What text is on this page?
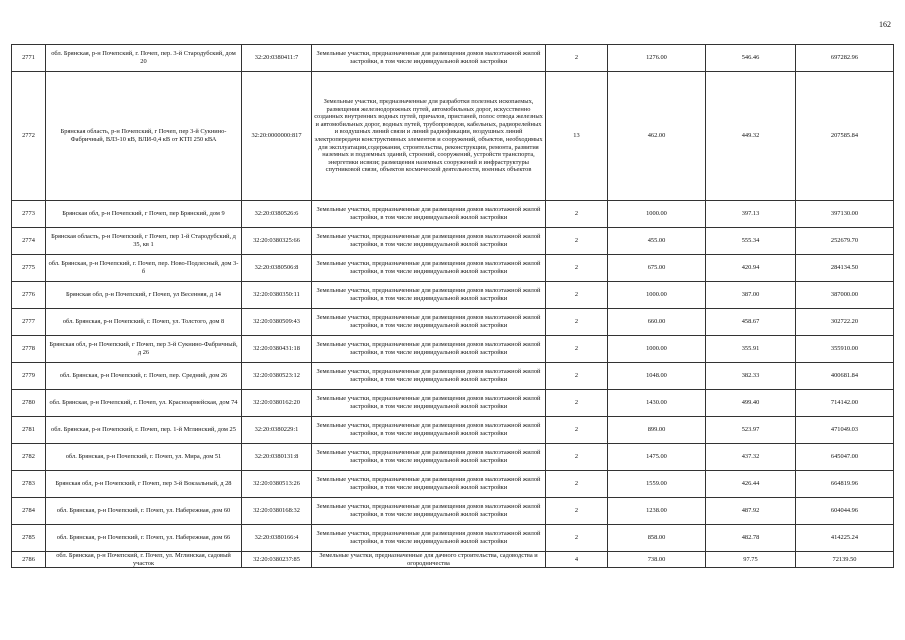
162
2771	обл. Брянская, р-н Почепский, г. Почеп, пер. 3-й Стародубский, дом 20	32:20:0380411:7	Земельные участки, предназначенные для размещения домов малоэтажной жилой застройки, в том числе индивидуальной жилой застройки	2	1276.00	546.46	697282.96
2772	Брянская область, р-н Почепский, г Почеп, пер 3-й Сукнино-Фабричный, ВЛ3-10 кВ, ВЛИ-0,4 кВ от КТП 250 кВА	32:20:0000000:817	Земельные участки, предназначенные для разработки полезных ископаемых, размещения железнодорожных путей, автомобильных дорог, искусственно созданных внутренних водных путей, причалов, пристаней, полос отвода железных и автомобильных дорог, водных путей, трубопроводов, кабельных, радиорелейных и воздушных линий связи и линий радиофикации, воздушных линий электропередачи конструктивных элементов и сооружений, объектов, необходимых для эксплуатации,содержания, строительства, реконструкции, ремонта, развития наземных и подземных зданий, строений, сооружений, устройств транспорта, энергетики исвязи; размещения наземных сооружений и инфраструктуры спутниковой связи, объектов космической деятельности, военных объектов	13	462.00	449.32	207585.84
2773	Брянская обл, р-н Почепский, г Почеп, пер Брянский, дом 9	32:20:0380526:6	Земельные участки, предназначенные для размещения домов малоэтажной жилой застройки, в том числе индивидуальной жилой застройки	2	1000.00	397.13	397130.00
2774	Брянская область, р-н Почепский, г Почеп, пер 1-й Стародубский, д 35, кв 1	32:20:0380325:66	Земельные участки, предназначенные для размещения домов малоэтажной жилой застройки, в том числе индивидуальной жилой застройки	2	455.00	555.34	252679.70
2775	обл. Брянская, р-н Почепский, г. Почеп, пер. Ново-Подлесный, дом 3-б	32:20:0380506:8	Земельные участки, предназначенные для размещения домов малоэтажной жилой застройки, в том числе индивидуальной жилой застройки	2	675.00	420.94	284134.50
2776	Брянская обл, р-н Почепский, г Почеп, ул Весенняя, д 14	32:20:0380350:11	Земельные участки, предназначенные для размещения домов малоэтажной жилой застройки, в том числе индивидуальной жилой застройки	2	1000.00	387.00	387000.00
2777	обл. Брянская, р-н Почепский, г. Почеп, ул. Толстого, дом 8	32:20:0380509:43	Земельные участки, предназначенные для размещения домов малоэтажной жилой застройки, в том числе индивидуальной жилой застройки	2	660.00	458.67	302722.20
2778	Брянская обл, р-н Почепский, г Почеп, пер 3-й Сукнино-Фабричный, д 26	32:20:0380431:18	Земельные участки, предназначенные для размещения домов малоэтажной жилой застройки, в том числе индивидуальной жилой застройки	2	1000.00	355.91	355910.00
2779	обл. Брянская, р-н Почепский, г. Почеп, пер. Средний, дом 26	32:20:0380523:12	Земельные участки, предназначенные для размещения домов малоэтажной жилой застройки, в том числе индивидуальной жилой застройки	2	1048.00	382.33	400681.84
2780	обл. Брянская, р-н Почепский, г. Почеп, ул. Красноармейская, дом 74	32:20:0380162:20	Земельные участки, предназначенные для размещения домов малоэтажной жилой застройки, в том числе индивидуальной жилой застройки	2	1430.00	499.40	714142.00
2781	обл. Брянская, р-н Почепский, г. Почеп, пер. 1-й Мглинский, дом 25	32:20:0380229:1	Земельные участки, предназначенные для размещения домов малоэтажной жилой застройки, в том числе индивидуальной жилой застройки	2	899.00	523.97	471049.03
2782	обл. Брянская, р-н Почепский, г. Почеп, ул. Мира, дом 51	32:20:0380131:8	Земельные участки, предназначенные для размещения домов малоэтажной жилой застройки, в том числе индивидуальной жилой застройки	2	1475.00	437.32	645047.00
2783	Брянская обл, р-н Почепский, г Почеп, пер 3-й Вокзальный, д 28	32:20:0380513:26	Земельные участки, предназначенные для размещения домов малоэтажной жилой застройки, в том числе индивидуальной жилой застройки	2	1559.00	426.44	664819.96
2784	обл. Брянская, р-н Почепский, г. Почеп, ул. Набережная, дом 60	32:20:0380168:32	Земельные участки, предназначенные для размещения домов малоэтажной жилой застройки, в том числе индивидуальной жилой застройки	2	1238.00	487.92	604044.96
2785	обл. Брянская, р-н Почепский, г. Почеп, ул. Набережная, дом 66	32:20:0380166:4	Земельные участки, предназначенные для размещения домов малоэтажной жилой застройки, в том числе индивидуальной жилой застройки	2	858.00	482.78	414225.24
2786	обл. Брянская, р-н Почепский, г. Почеп, ул. Мглинская, садовый участок	32:20:0380237:85	Земельные участки, предназначенные для дачного строительства, садоводства и огородничества	4	738.00	97.75	72139.50
